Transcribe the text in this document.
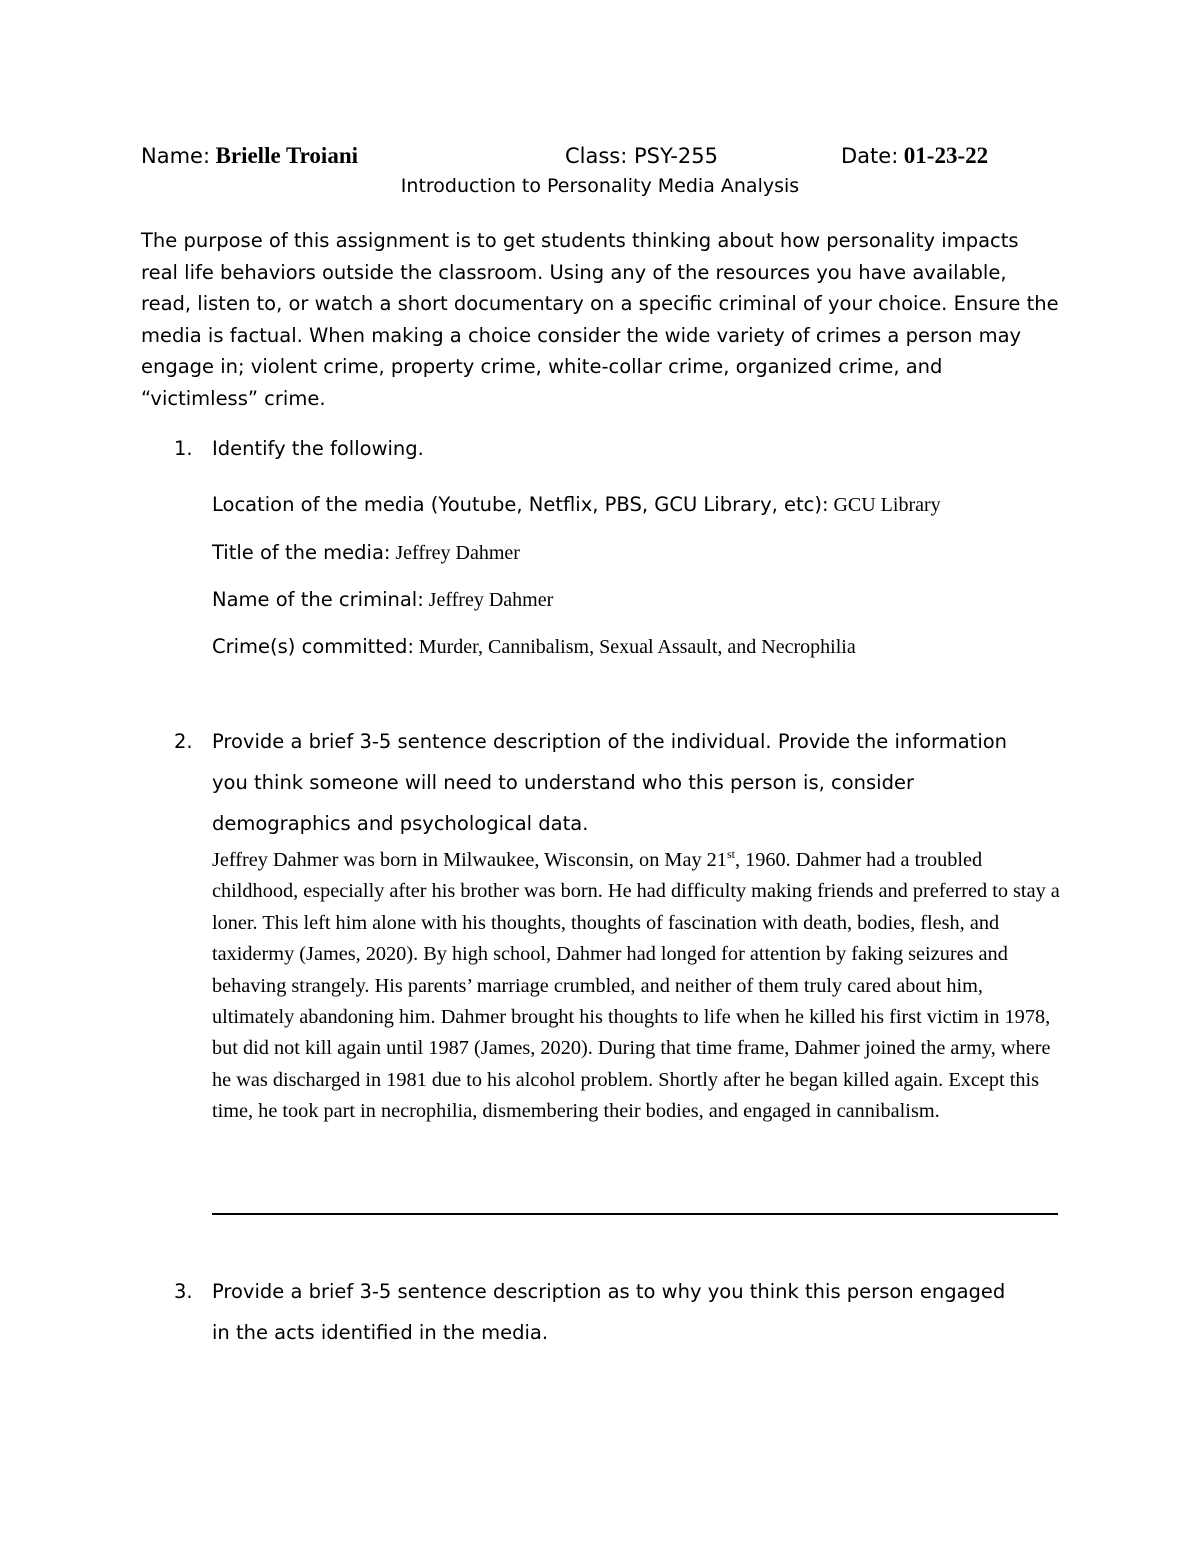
Name: Brielle Troiani	Class: PSY-255	Date: 01-23-22
Introduction to Personality Media Analysis
The purpose of this assignment is to get students thinking about how personality impacts real life behaviors outside the classroom. Using any of the resources you have available, read, listen to, or watch a short documentary on a specific criminal of your choice. Ensure the media is factual. When making a choice consider the wide variety of crimes a person may engage in; violent crime, property crime, white-collar crime, organized crime, and “victimless” crime.
1. Identify the following.
Location of the media (Youtube, Netflix, PBS, GCU Library, etc): GCU Library
Title of the media: Jeffrey Dahmer
Name of the criminal: Jeffrey Dahmer
Crime(s) committed: Murder, Cannibalism, Sexual Assault, and Necrophilia
2. Provide a brief 3-5 sentence description of the individual. Provide the information you think someone will need to understand who this person is, consider demographics and psychological data.
Jeffrey Dahmer was born in Milwaukee, Wisconsin, on May 21st, 1960. Dahmer had a troubled childhood, especially after his brother was born. He had difficulty making friends and preferred to stay a loner. This left him alone with his thoughts, thoughts of fascination with death, bodies, flesh, and taxidermy (James, 2020). By high school, Dahmer had longed for attention by faking seizures and behaving strangely. His parents’ marriage crumbled, and neither of them truly cared about him, ultimately abandoning him. Dahmer brought his thoughts to life when he killed his first victim in 1978, but did not kill again until 1987 (James, 2020). During that time frame, Dahmer joined the army, where he was discharged in 1981 due to his alcohol problem. Shortly after he began killed again. Except this time, he took part in necrophilia, dismembering their bodies, and engaged in cannibalism.
3. Provide a brief 3-5 sentence description as to why you think this person engaged in the acts identified in the media.
